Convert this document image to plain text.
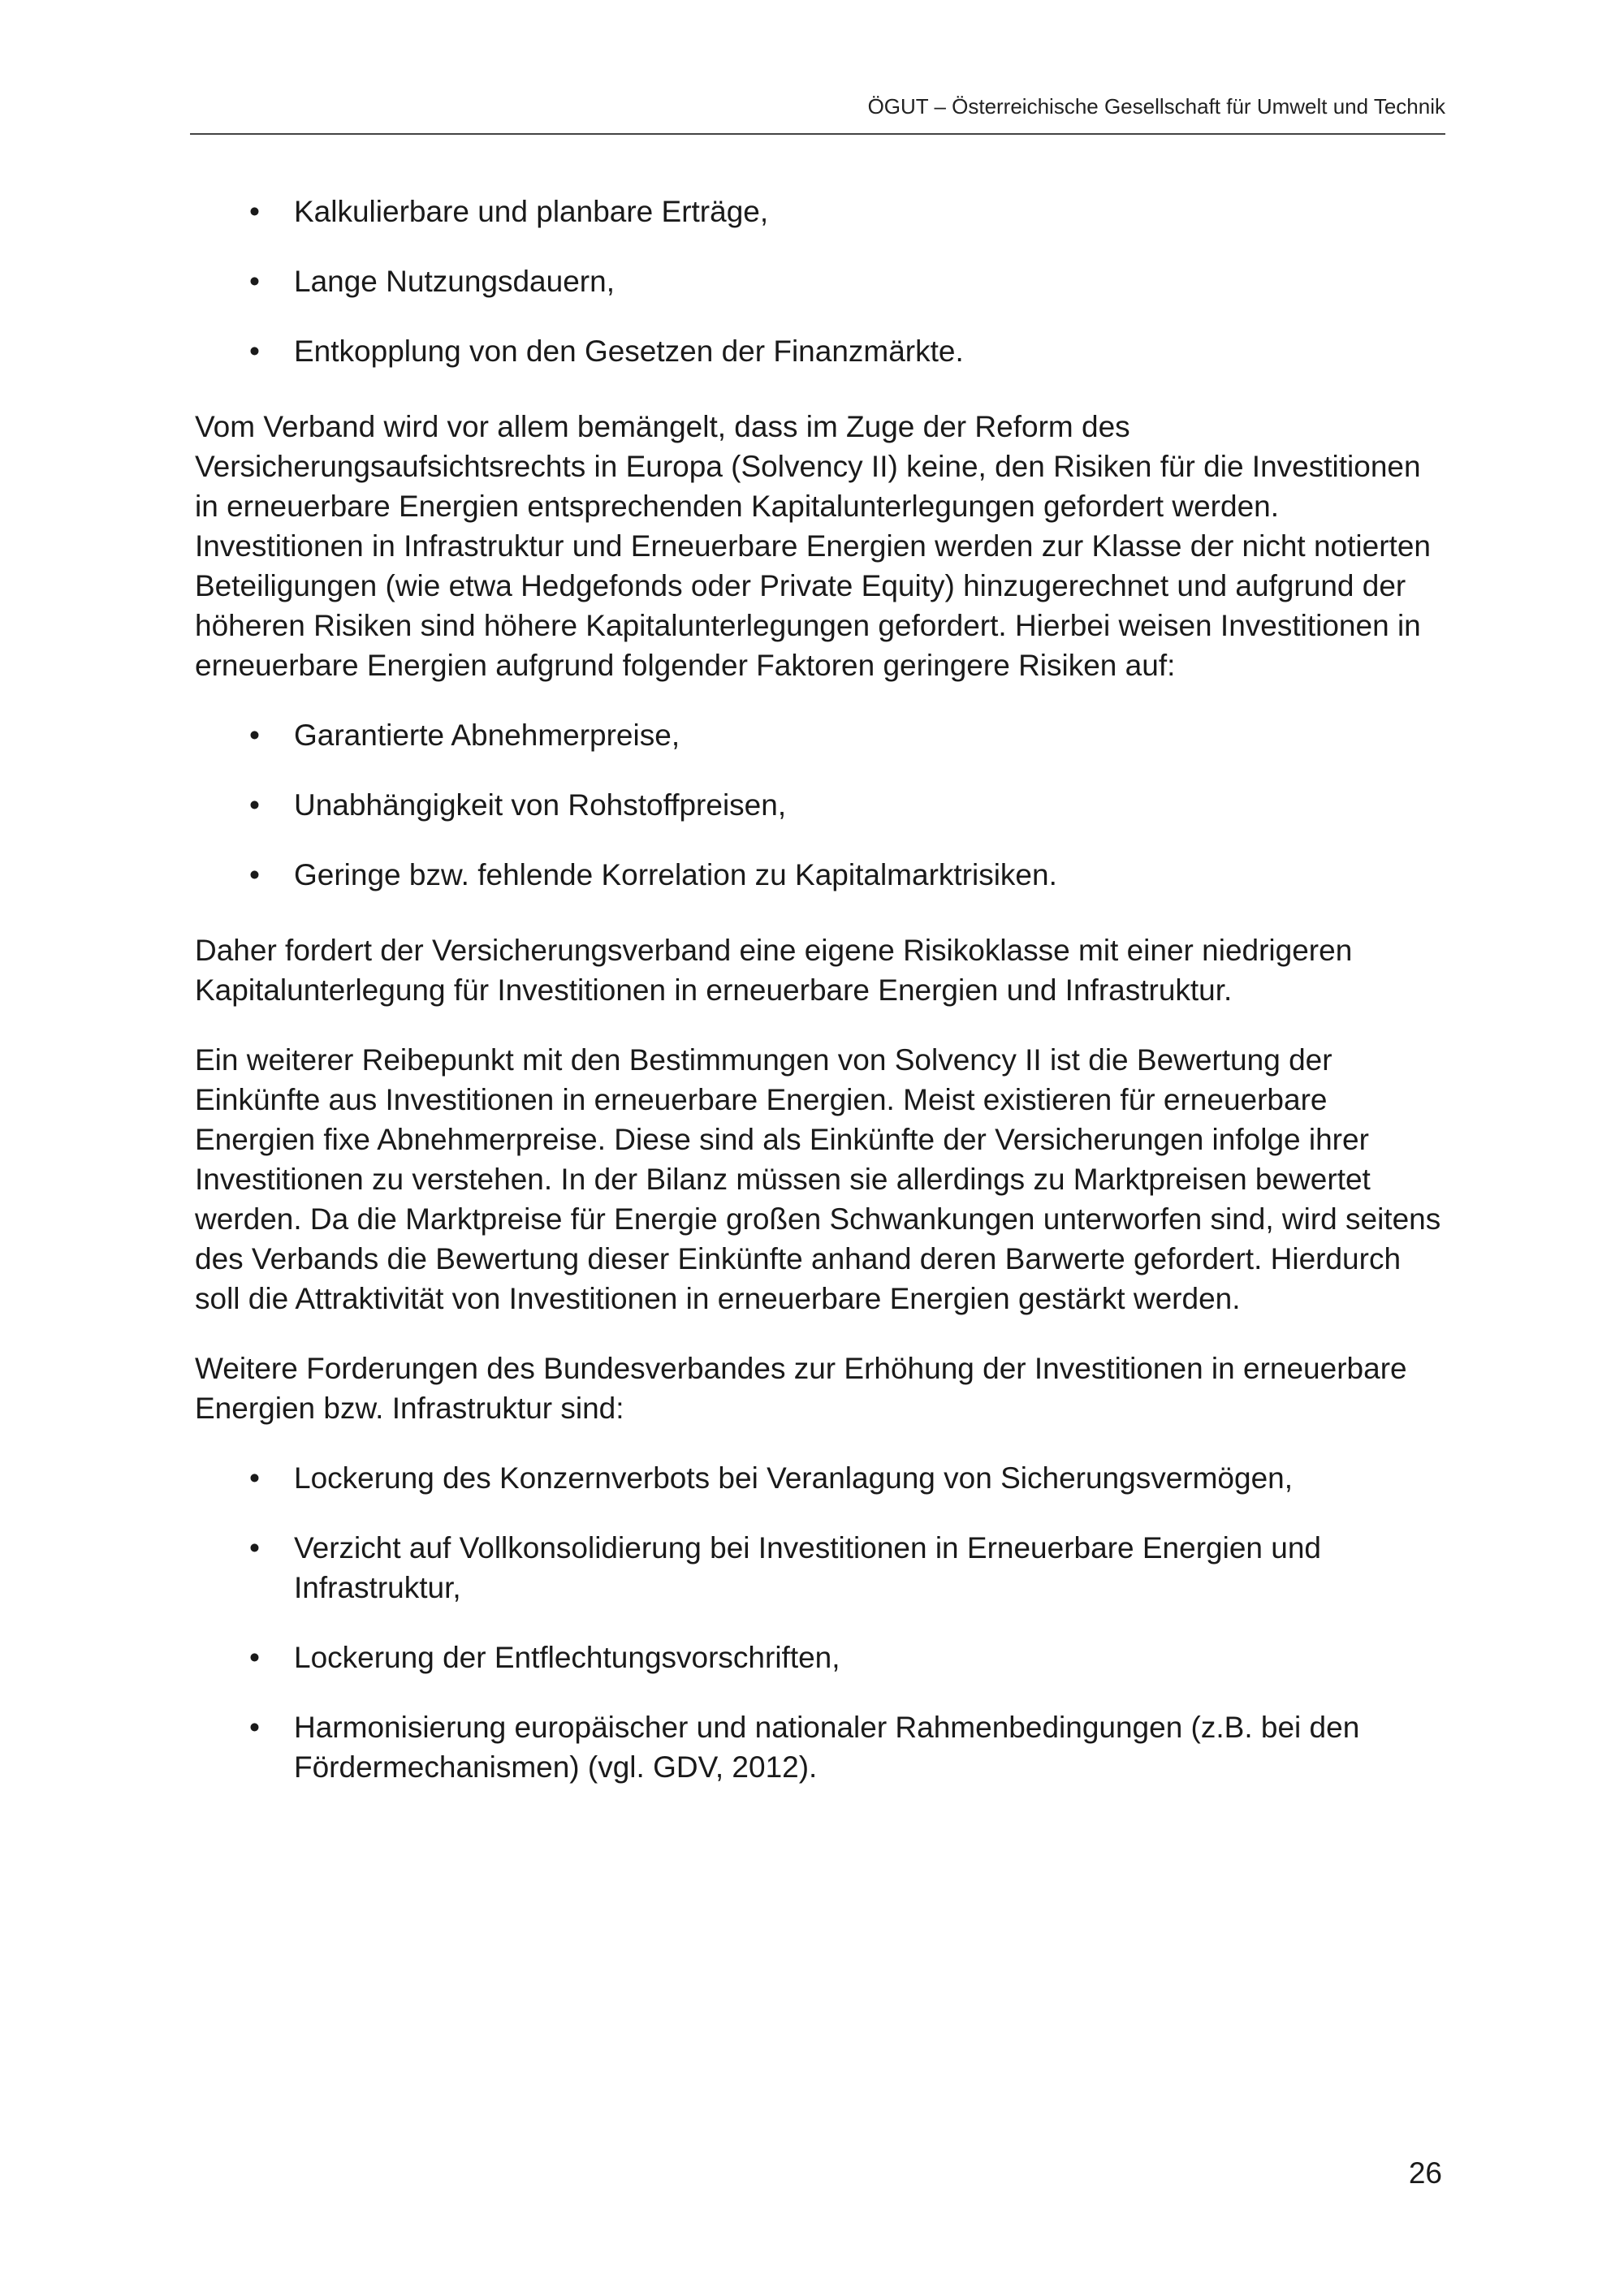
ÖGUT – Österreichische Gesellschaft für Umwelt und Technik
• Kalkulierbare und planbare Erträge,
• Lange Nutzungsdauern,
• Entkopplung von den Gesetzen der Finanzmärkte.

Vom Verband wird vor allem bemängelt, dass im Zuge der Reform des Versicherungsaufsichtsrechts in Europa (Solvency II) keine, den Risiken für die Investitionen in erneuerbare Energien entsprechenden Kapitalunterlegungen gefordert werden. Investitionen in Infrastruktur und Erneuerbare Energien werden zur Klasse der nicht notierten Beteiligungen (wie etwa Hedgefonds oder Private Equity) hinzugerechnet und aufgrund der höheren Risiken sind höhere Kapitalunterlegungen gefordert. Hierbei weisen Investitionen in erneuerbare Energien aufgrund folgender Faktoren geringere Risiken auf:

• Garantierte Abnehmerpreise,
• Unabhängigkeit von Rohstoffpreisen,
• Geringe bzw. fehlende Korrelation zu Kapitalmarktrisiken.

Daher fordert der Versicherungsverband eine eigene Risikoklasse mit einer niedrigeren Kapitalunterlegung für Investitionen in erneuerbare Energien und Infrastruktur.

Ein weiterer Reibepunkt mit den Bestimmungen von Solvency II ist die Bewertung der Einkünfte aus Investitionen in erneuerbare Energien. Meist existieren für erneuerbare Energien fixe Abnehmerpreise. Diese sind als Einkünfte der Versicherungen infolge ihrer Investitionen zu verstehen. In der Bilanz müssen sie allerdings zu Marktpreisen bewertet werden. Da die Marktpreise für Energie großen Schwankungen unterworfen sind, wird seitens des Verbands die Bewertung dieser Einkünfte anhand deren Barwerte gefordert. Hierdurch soll die Attraktivität von Investitionen in erneuerbare Energien gestärkt werden.

Weitere Forderungen des Bundesverbandes zur Erhöhung der Investitionen in erneuerbare Energien bzw. Infrastruktur sind:

• Lockerung des Konzernverbots bei Veranlagung von Sicherungsvermögen,
• Verzicht auf Vollkonsolidierung bei Investitionen in Erneuerbare Energien und Infrastruktur,
• Lockerung der Entflechtungsvorschriften,
• Harmonisierung europäischer und nationaler Rahmenbedingungen (z.B. bei den Fördermechanismen) (vgl. GDV, 2012).
26
